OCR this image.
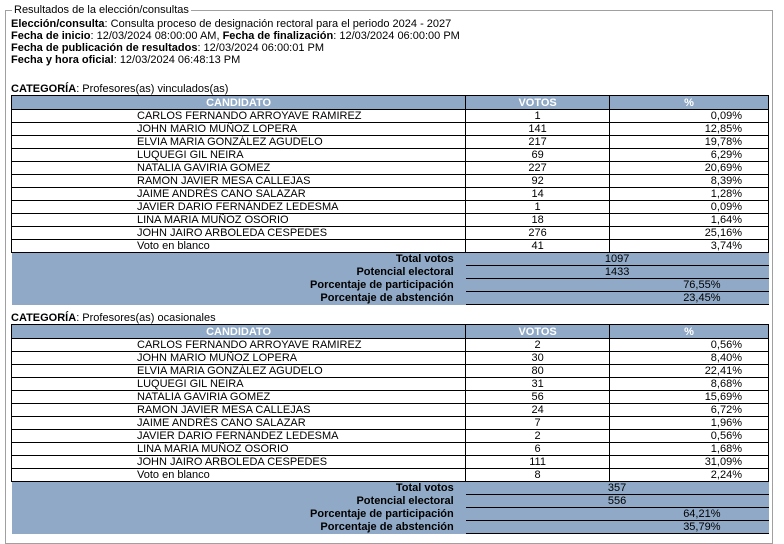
Resultados de la elección/consultas
Elección/consulta: Consulta proceso de designación rectoral para el periodo 2024 - 2027
Fecha de inicio: 12/03/2024 08:00:00 AM, Fecha de finalización: 12/03/2024 06:00:00 PM
Fecha de publicación de resultados: 12/03/2024 06:00:01 PM
Fecha y hora oficial: 12/03/2024 06:48:13 PM
CATEGORÍA: Profesores(as) vinculados(as)
CANDIDATO	VOTOS	%
CARLOS FERNANDO ARROYAVE RAMIREZ	1	0,09%
JOHN MARIO MUÑOZ LOPERA	141	12,85%
ELVIA MARIA GONZÁLEZ AGUDELO	217	19,78%
LUQUEGI GIL NEIRA	69	6,29%
NATALIA GAVIRIA GOMEZ	227	20,69%
RAMON JAVIER MESA CALLEJAS	92	8,39%
JAIME ANDRÉS CANO SALAZAR	14	1,28%
JAVIER DARIO FERNÁNDEZ LEDESMA	1	0,09%
LINA MARIA MUÑOZ OSORIO	18	1,64%
JOHN JAIRO ARBOLEDA CESPEDES	276	25,16%
Voto en blanco	41	3,74%
Total votos	1097	
Potencial electoral	1433	
Porcentaje de participación	76,55%	
Porcentaje de abstención	23,45%	
CATEGORÍA: Profesores(as) ocasionales
CANDIDATO	VOTOS	%
CARLOS FERNANDO ARROYAVE RAMIREZ	2	0,56%
JOHN MARIO MUÑOZ LOPERA	30	8,40%
ELVIA MARIA GONZÁLEZ AGUDELO	80	22,41%
LUQUEGI GIL NEIRA	31	8,68%
NATALIA GAVIRIA GOMEZ	56	15,69%
RAMON JAVIER MESA CALLEJAS	24	6,72%
JAIME ANDRÉS CANO SALAZAR	7	1,96%
JAVIER DARIO FERNÁNDEZ LEDESMA	2	0,56%
LINA MARIA MUÑOZ OSORIO	6	1,68%
JOHN JAIRO ARBOLEDA CESPEDES	111	31,09%
Voto en blanco	8	2,24%
Total votos	357	
Potencial electoral	556	
Porcentaje de participación	64,21%	
Porcentaje de abstención	35,79%	
